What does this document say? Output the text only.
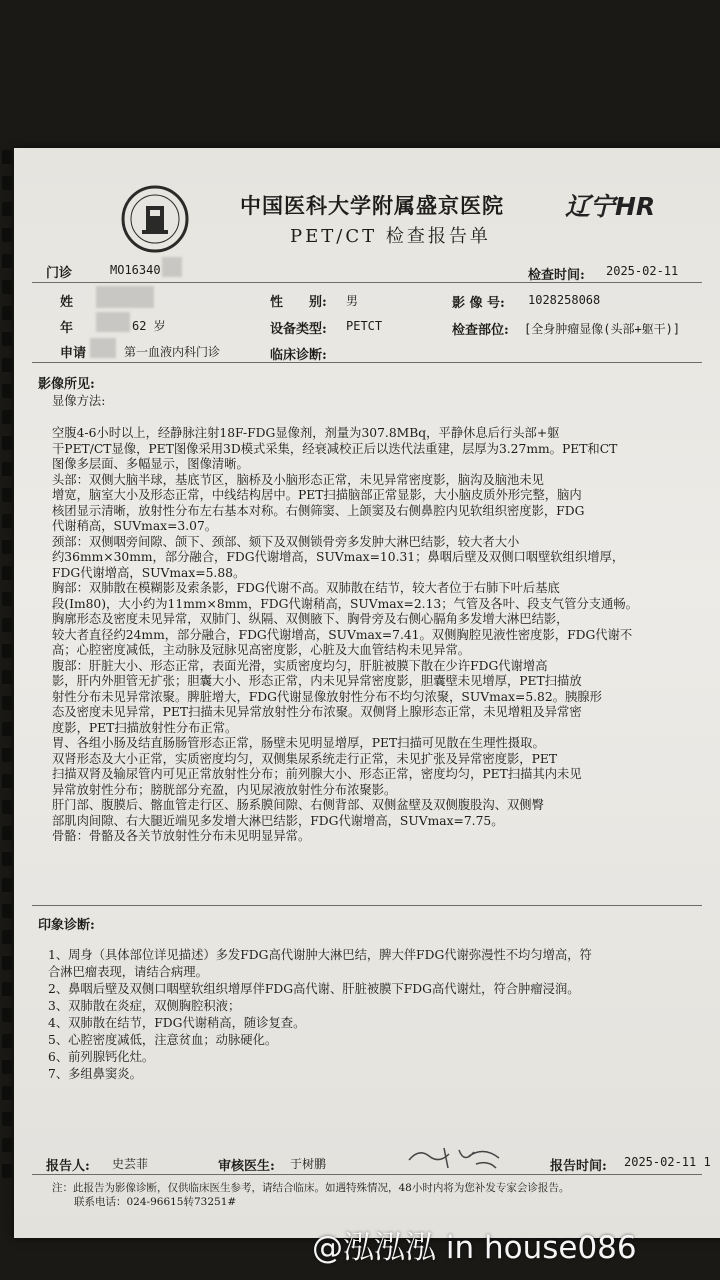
中国医科大学附属盛京医院
PET/CT 检查报告单
辽宁HR
门诊	MO16340	检查时间: 2025-02-11
姓	性　　别: 男	影 像 号: 1028258068
年	62 岁	设备类型: PETCT	检查部位: [全身肿瘤显像(头部+躯干)]
申请	第一血液内科门诊	临床诊断:
影像所见:
显像方法:

空腹4-6小时以上，经静脉注射18F-FDG显像剂，剂量为307.8MBq，平静休息后行头部+躯

干PET/CT显像，PET图像采用3D模式采集，经衰减校正后以迭代法重建，层厚为3.27mm。PET和CT

图像多层面、多幅显示，图像清晰。

头部：双侧大脑半球，基底节区，脑桥及小脑形态正常，未见异常密度影，脑沟及脑池未见

增宽，脑室大小及形态正常，中线结构居中。PET扫描脑部正常显影，大小脑皮质外形完整，脑内

核团显示清晰，放射性分布左右基本对称。右侧筛窦、上颌窦及右侧鼻腔内见软组织密度影，FDG

代谢稍高，SUVmax=3.07。

颈部：双侧咽旁间隙、颌下、颈部、颏下及双侧锁骨旁多发肿大淋巴结影，较大者大小

约36mm×30mm，部分融合，FDG代谢增高，SUVmax=10.31；鼻咽后壁及双侧口咽壁软组织增厚，

FDG代谢增高，SUVmax=5.88。

胸部：双肺散在模糊影及索条影，FDG代谢不高。双肺散在结节，较大者位于右肺下叶后基底

段(Im80)，大小约为11mm×8mm，FDG代谢稍高，SUVmax=2.13；气管及各叶、段支气管分支通畅。

胸廓形态及密度未见异常，双肺门、纵隔、双侧腋下、胸骨旁及右侧心膈角多发增大淋巴结影，

较大者直径约24mm，部分融合，FDG代谢增高，SUVmax=7.41。双侧胸腔见液性密度影，FDG代谢不

高；心腔密度减低，主动脉及冠脉见高密度影，心脏及大血管结构未见异常。

腹部：肝脏大小、形态正常，表面光滑，实质密度均匀，肝脏被膜下散在少许FDG代谢增高

影，肝内外胆管无扩张；胆囊大小、形态正常，内未见异常密度影，胆囊壁未见增厚，PET扫描放

射性分布未见异常浓聚。脾脏增大，FDG代谢显像放射性分布不均匀浓聚，SUVmax=5.82。胰腺形

态及密度未见异常，PET扫描未见异常放射性分布浓聚。双侧肾上腺形态正常，未见增粗及异常密

度影，PET扫描放射性分布正常。

胃、各组小肠及结直肠肠管形态正常，肠壁未见明显增厚，PET扫描可见散在生理性摄取。

双肾形态及大小正常，实质密度均匀，双侧集尿系统走行正常，未见扩张及异常密度影，PET

扫描双肾及输尿管内可见正常放射性分布；前列腺大小、形态正常，密度均匀，PET扫描其内未见

异常放射性分布；膀胱部分充盈，内见尿液放射性分布浓聚影。

肝门部、腹膜后、髂血管走行区、肠系膜间隙、右侧背部、双侧盆壁及双侧腹股沟、双侧臀

部肌肉间隙、右大腿近端见多发增大淋巴结影，FDG代谢增高，SUVmax=7.75。

骨骼：骨骼及各关节放射性分布未见明显异常。

印象诊断:

1、周身（具体部位详见描述）多发FDG高代谢肿大淋巴结，脾大伴FDG代谢弥漫性不均匀增高，符

合淋巴瘤表现，请结合病理。

2、鼻咽后壁及双侧口咽壁软组织增厚伴FDG高代谢、肝脏被膜下FDG高代谢灶，符合肿瘤浸润。

3、双肺散在炎症，双侧胸腔积液；

4、双肺散在结节，FDG代谢稍高，随诊复查。

5、心腔密度减低，注意贫血；动脉硬化。

6、前列腺钙化灶。

7、多组鼻窦炎。

报告人: 史芸菲	审核医生: 于树鹏	报告时间: 2025-02-11 1
注：此报告为影像诊断，仅供临床医生参考，请结合临床。如遇特殊情况，48小时内将为您补发专家会诊报告。
联系电话：024-96615转73251#
@泓泓泓 in house086
